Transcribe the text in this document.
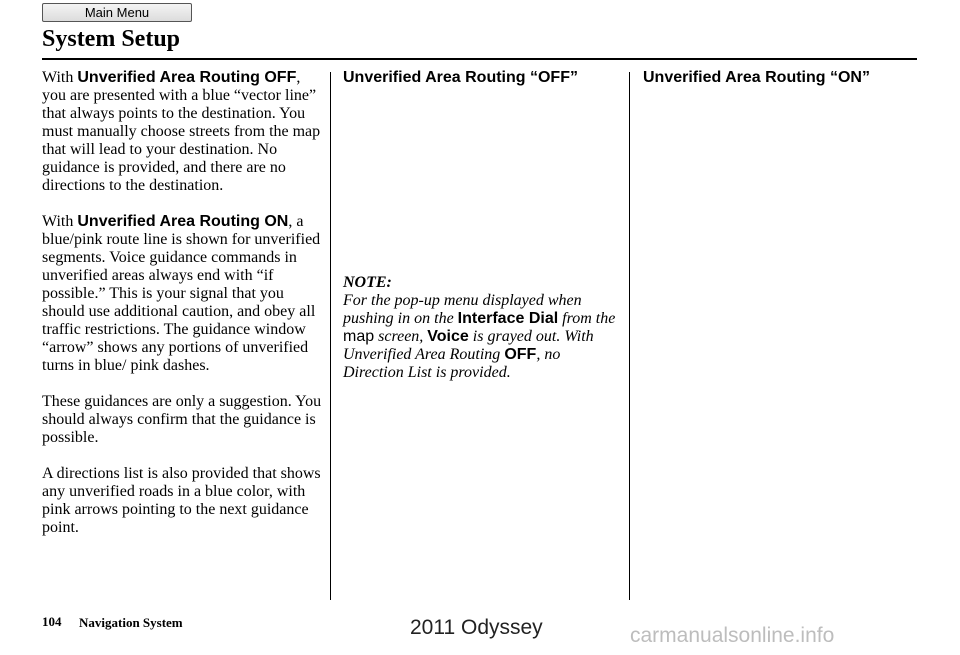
Main Menu
System Setup

With Unverified Area Routing OFF, you are presented with a blue “vector line” that always points to the destination. You must manually choose streets from the map that will lead to your destination. No guidance is provided, and there are no directions to the destination.

With Unverified Area Routing ON, a blue/pink route line is shown for unverified segments. Voice guidance commands in unverified areas always end with “if possible.” This is your signal that you should use additional caution, and obey all traffic restrictions. The guidance window “arrow” shows any portions of unverified turns in blue/ pink dashes.

These guidances are only a suggestion. You should always confirm that the guidance is possible.

A directions list is also provided that shows any unverified roads in a blue color, with pink arrows pointing to the next guidance point.

Unverified Area Routing “OFF”
NOTE:
For the pop-up menu displayed when pushing in on the Interface Dial from the map screen, Voice is grayed out. With Unverified Area Routing OFF, no Direction List is provided.
Unverified Area Routing “ON”
104 Navigation System	2011 Odyssey	carmanualsonline.info
